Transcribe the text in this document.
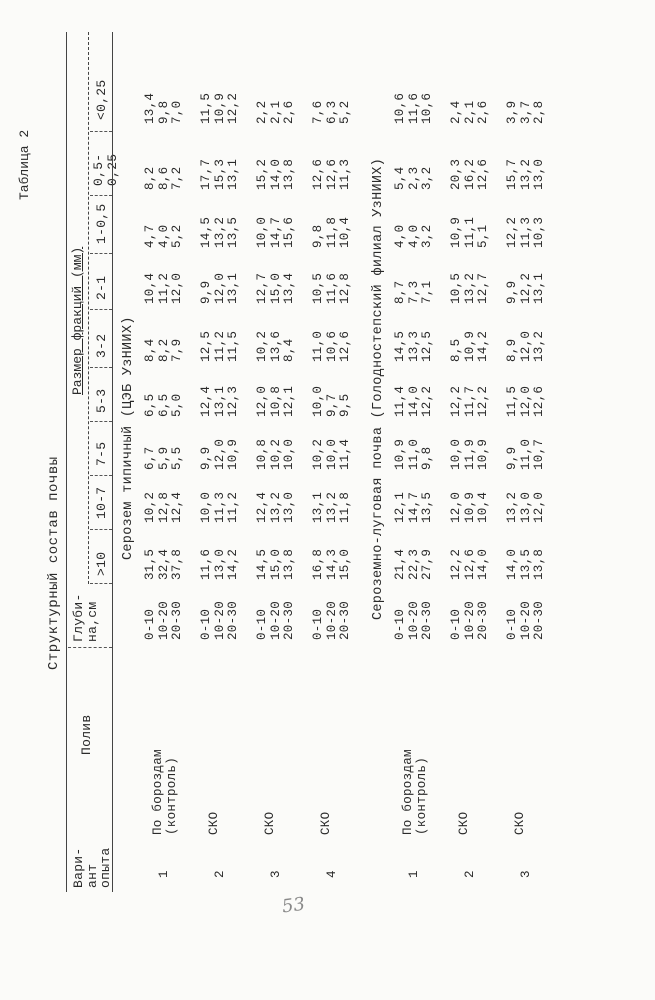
Таблица 2
Структурный состав почвы
Вари-
ант
опыта
Полив
Глуби-
на,см
Размер фракций (мм)
>10
10-7
7-5
5-3
3-2
2-1
1-0,5
0,5-
0,25
<0,25
Серозем типичный (ЦЭБ УзНИИХ)
1
По бороздам
(контроль)
0-10
10-20
20-30
31,5
32,4
37,8
10,2
12,8
12,4
6,7
5,9
5,5
6,5
6,5
5,0
8,4
8,2
7,9
10,4
11,2
12,0
4,7
4,0
5,2
8,2
8,6
7,2
13,4
9,8
7,0
2
СКО
0-10
10-20
20-30
11,6
13,0
14,2
10,0
11,3
11,2
9,9
12,0
10,9
12,4
13,1
12,3
12,5
11,2
11,5
9,9
12,0
13,1
14,5
13,2
13,5
17,7
15,3
13,1
11,5
10,9
12,2
3
СКО
0-10
10-20
20-30
14,5
15,0
13,8
12,4
13,2
13,0
10,8
10,2
10,0
12,0
10,8
12,1
10,2
13,6
8,4
12,7
15,0
13,4
10,0
14,7
15,6
15,2
14,0
13,8
2,2
2,1
2,6
4
СКО
0-10
10-20
20-30
16,8
14,3
15,0
13,1
13,2
11,8
10,2
10,0
11,4
10,0
9,7
9,5
11,0
10,6
12,6
10,5
11,6
12,8
9,8
11,8
10,4
12,6
12,6
11,3
7,6
6,3
5,2
Сероземно-луговая почва (Голодностепский филиал УзНИИХ)
1
По бороздам
(контроль)
0-10
10-20
20-30
21,4
22,3
27,9
12,1
14,7
13,5
10,9
11,0
9,8
11,4
14,0
12,2
14,5
13,3
12,5
8,7
7,3
7,1
4,0
4,0
3,2
5,4
2,3
3,2
10,6
11,6
10,6
2
СКО
0-10
10-20
20-30
12,2
12,6
14,0
12,0
10,9
10,4
10,0
11,9
10,9
12,2
11,7
12,2
8,5
10,9
14,2
10,5
13,2
12,7
10,9
11,1
5,1
20,3
16,2
12,6
2,4
2,1
2,6
3
СКО
0-10
10-20
20-30
14,0
13,5
13,8
13,2
13,0
12,0
9,9
11,0
10,7
11,5
12,0
12,6
8,9
12,0
13,2
9,9
12,2
13,1
12,2
11,3
10,3
15,7
13,2
13,0
3,9
3,7
2,8
53
